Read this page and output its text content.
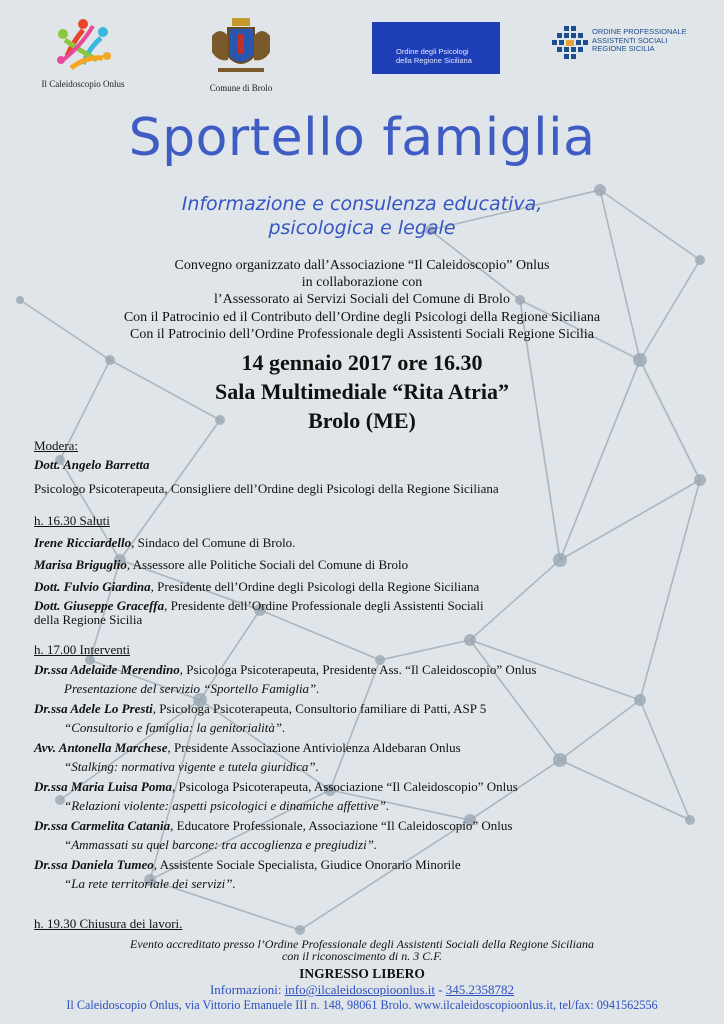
Il Caleidoscopio Onlus	Comune di Brolo
Ordine degli Psicologi della Regione Siciliana
ORDINE PROFESSIONALE
ASSISTENTI SOCIALI
REGIONE SICILIA
Sportello famiglia
Informazione e consulenza educativa,
psicologica e legale
Convegno organizzato dall’Associazione “Il Caleidoscopio” Onlus
in collaborazione con
l’Assessorato ai Servizi Sociali del Comune di Brolo
Con il Patrocinio ed il Contributo dell’Ordine degli Psicologi della Regione Siciliana
Con il Patrocinio dell’Ordine Professionale degli Assistenti Sociali Regione Sicilia
14 gennaio 2017 ore 16.30
Sala Multimediale “Rita Atria”
Brolo (ME)
Modera:
Dott. Angelo Barretta
Psicologo Psicoterapeuta, Consigliere dell’Ordine degli Psicologi della Regione Siciliana
h. 16.30 Saluti
Irene Ricciardello, Sindaco del Comune di Brolo.
Marisa Briguglio, Assessore alle Politiche Sociali del Comune di Brolo
Dott. Fulvio Giardina, Presidente dell’Ordine degli Psicologi della Regione Siciliana
Dott. Giuseppe Graceffa, Presidente dell’Ordine Professionale degli Assistenti Sociali
della Regione Sicilia
h. 17.00 Interventi
Dr.ssa Adelaide Merendino, Psicologa Psicoterapeuta, Presidente Ass. “Il Caleidoscopio” Onlus
Presentazione del servizio “Sportello Famiglia”.
Dr.ssa Adele Lo Presti, Psicologa Psicoterapeuta, Consultorio familiare di Patti, ASP 5
“Consultorio e famiglia: la genitorialità”.
Avv. Antonella Marchese, Presidente Associazione Antiviolenza Aldebaran Onlus
“Stalking: normativa vigente e tutela giuridica”.
Dr.ssa Maria Luisa Poma, Psicologa Psicoterapeuta, Associazione “Il Caleidoscopio” Onlus
“Relazioni violente: aspetti psicologici e dinamiche affettive”.
Dr.ssa Carmelita Catania, Educatore Professionale, Associazione “Il Caleidoscopio” Onlus
“Ammassati su quel barcone: tra accoglienza e pregiudizi”.
Dr.ssa Daniela Tumeo, Assistente Sociale Specialista, Giudice Onorario Minorile
“La rete territoriale dei servizi”.
h. 19.30 Chiusura dei lavori.
Evento accreditato presso l’Ordine Professionale degli Assistenti Sociali della Regione Siciliana
con il riconoscimento di n. 3 C.F.
INGRESSO LIBERO
Informazioni: info@ilcaleidoscopioonlus.it - 345.2358782
Il Caleidoscopio Onlus, via Vittorio Emanuele III n. 148, 98061 Brolo. www.ilcaleidoscopioonlus.it, tel/fax: 0941562556
